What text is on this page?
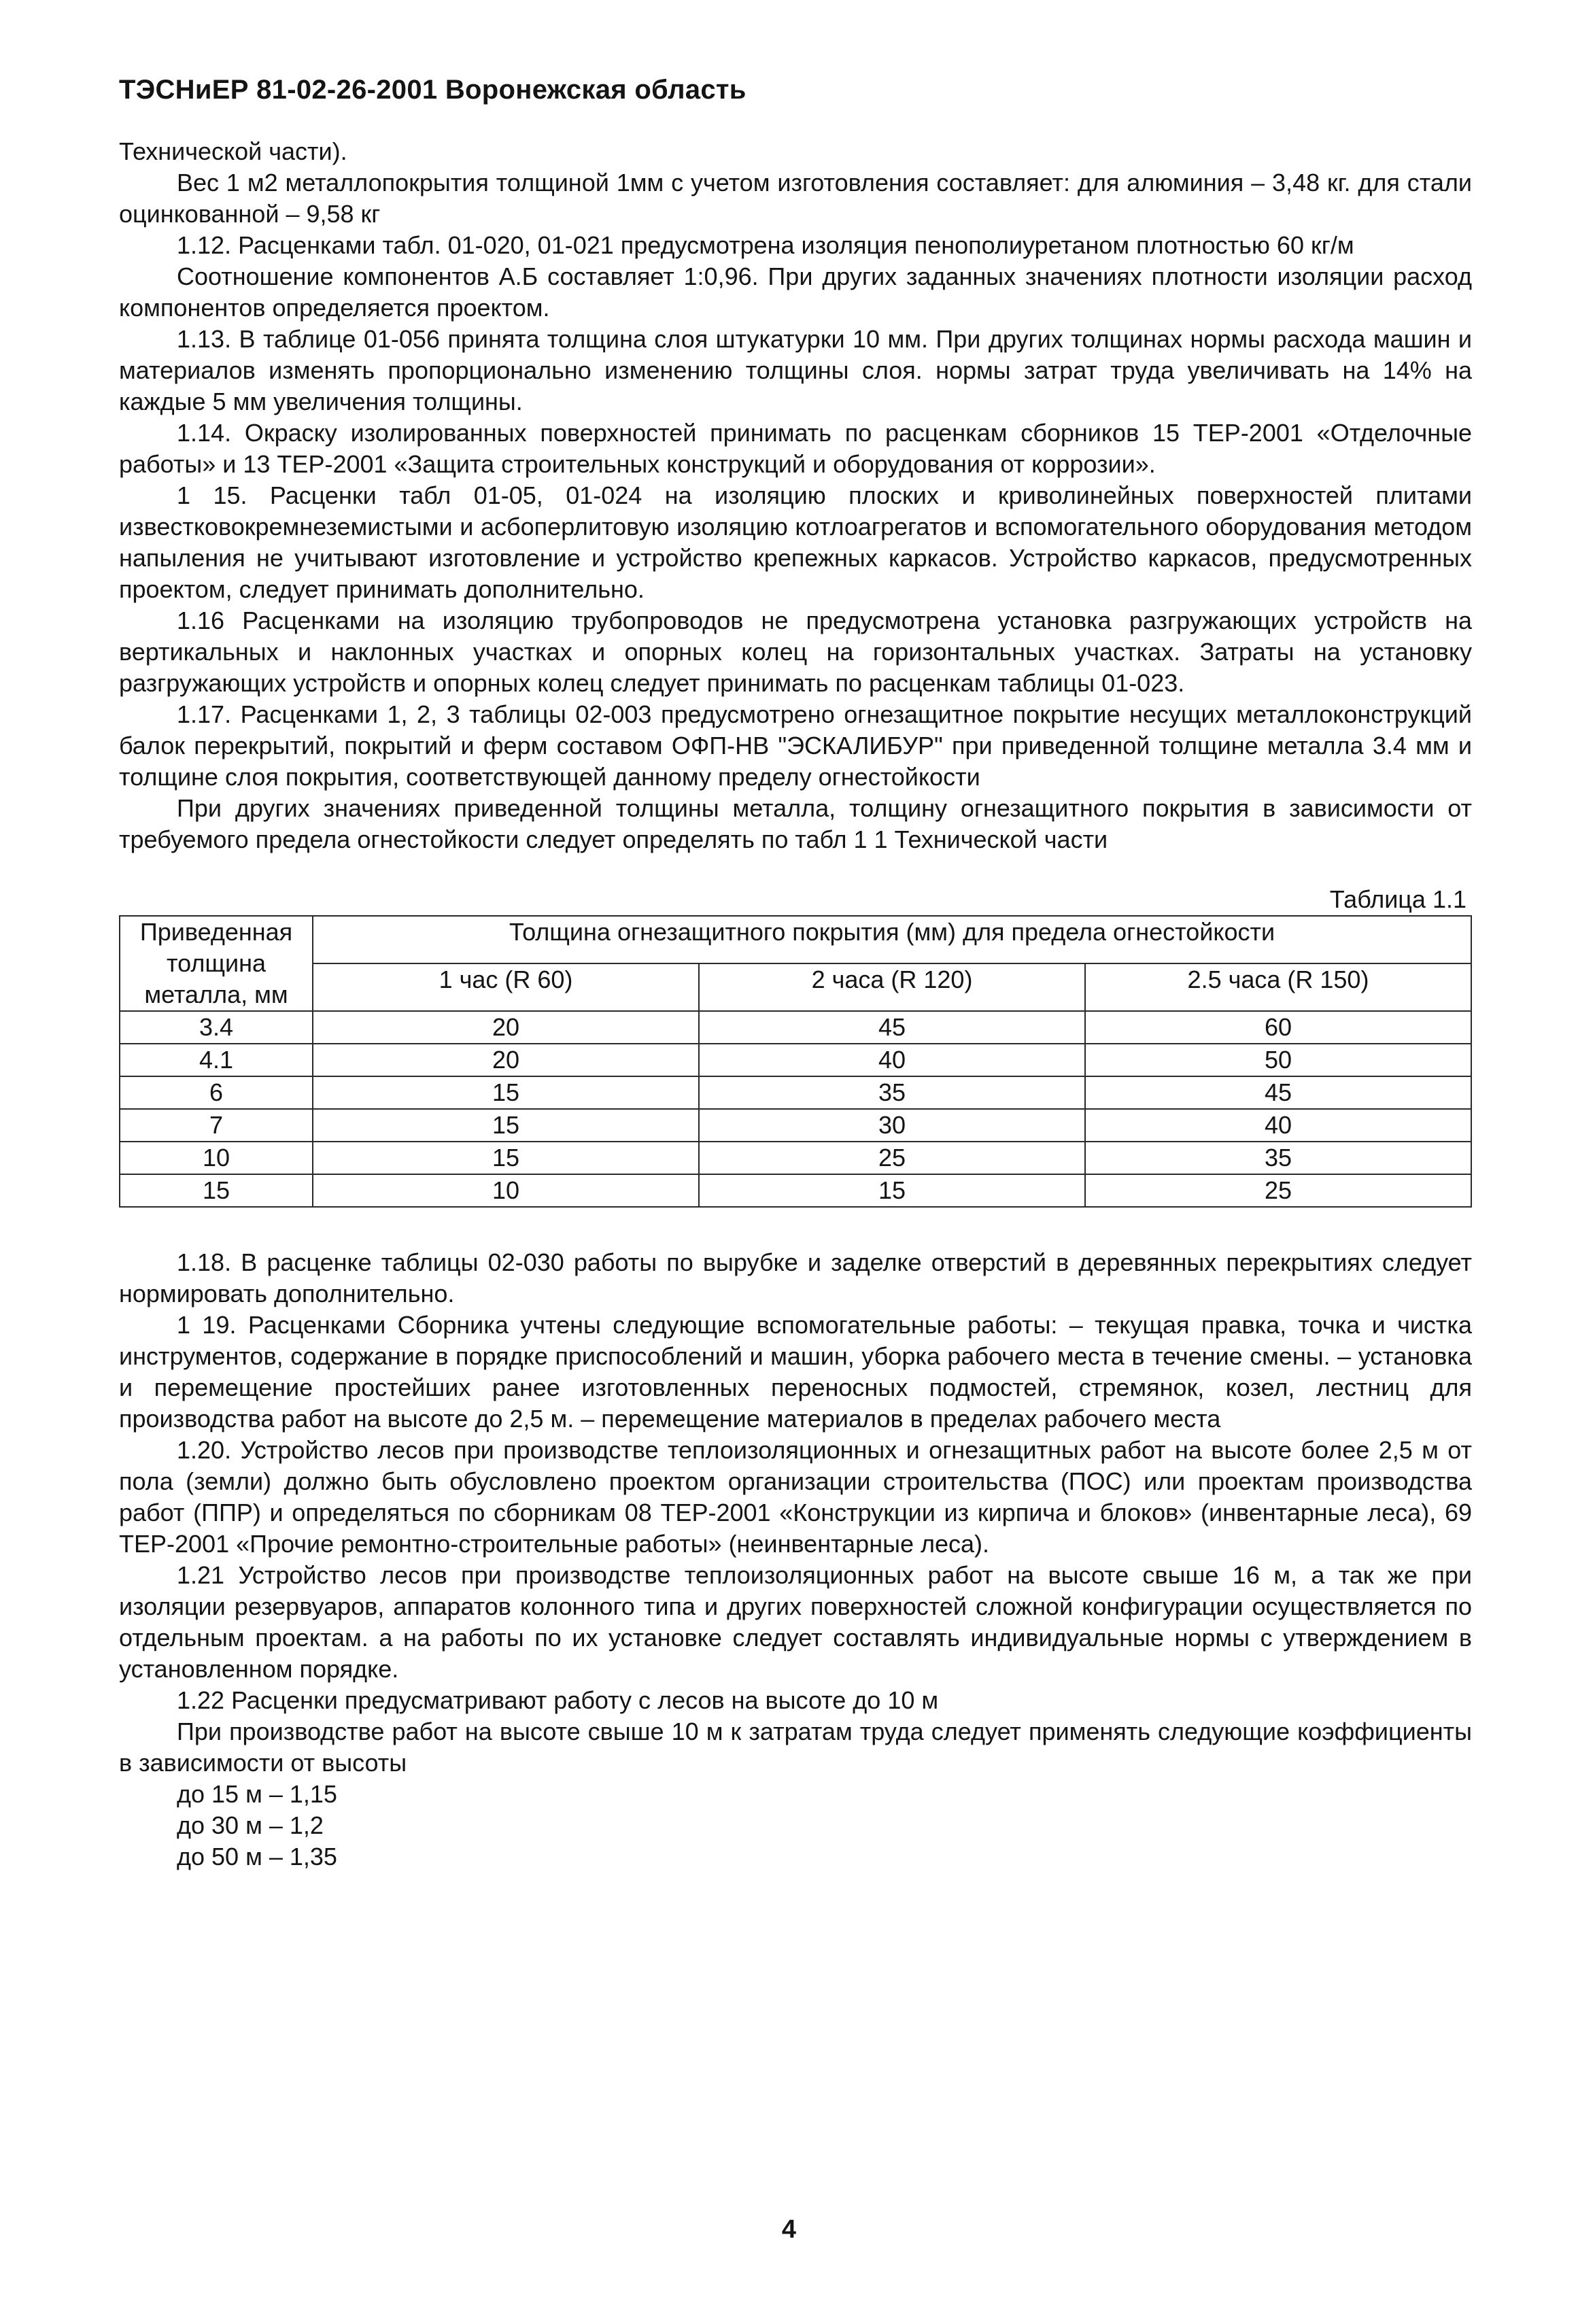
ТЭСНиЕР 81-02-26-2001 Воронежская область

Технической части).

Вес 1 м2 металлопокрытия толщиной 1мм с учетом изготовления составляет: для алюминия – 3,48 кг. для стали оцинкованной – 9,58 кг

1.12. Расценками табл. 01-020, 01-021 предусмотрена изоляция пенополиуретаном плотностью 60 кг/м

Соотношение компонентов А.Б составляет 1:0,96. При других заданных значениях плотности изоляции расход компонентов определяется проектом.

1.13. В таблице 01-056 принята толщина слоя штукатурки 10 мм. При других толщинах нормы расхода машин и материалов изменять пропорционально изменению толщины слоя. нормы затрат труда увеличивать на 14% на каждые 5 мм увеличения толщины.

1.14. Окраску изолированных поверхностей принимать по расценкам сборников 15 ТЕР-2001 «Отделочные работы» и 13 ТЕР-2001 «Защита строительных конструкций и оборудования от коррозии».

1 15. Расценки табл 01-05, 01-024 на изоляцию плоских и криволинейных поверхностей плитами известковокремнеземистыми и асбоперлитовую изоляцию котлоагрегатов и вспомогательного оборудования методом напыления не учитывают изготовление и устройство крепежных каркасов. Устройство каркасов, предусмотренных проектом, следует принимать дополнительно.

1.16 Расценками на изоляцию трубопроводов не предусмотрена установка разгружающих устройств на вертикальных и наклонных участках и опорных колец на горизонтальных участках. Затраты на установку разгружающих устройств и опорных колец следует принимать по расценкам таблицы 01-023.

1.17. Расценками 1, 2, 3 таблицы 02-003 предусмотрено огнезащитное покрытие несущих металлоконструкций балок перекрытий, покрытий и ферм составом ОФП-НВ "ЭСКАЛИБУР" при приведенной толщине металла 3.4 мм и толщине слоя покрытия, соответствующей данному пределу огнестойкости

При других значениях приведенной толщины металла, толщину огнезащитного покрытия в зависимости от требуемого предела огнестойкости следует определять по табл 1 1 Технической части

Таблица 1.1
Приведенная толщина металла, мм	Толщина огнезащитного покрытия (мм) для предела огнестойкости		
	1 час (R 60)	2 часа (R 120)	2.5 часа (R 150)
3.4	20	45	60
4.1	20	40	50
6	15	35	45
7	15	30	40
10	15	25	35
15	10	15	25

1.18. В расценке таблицы 02-030 работы по вырубке и заделке отверстий в деревянных перекрытиях следует нормировать дополнительно.

1 19. Расценками Сборника учтены следующие вспомогательные работы: – текущая правка, точка и чистка инструментов, содержание в порядке приспособлений и машин, уборка рабочего места в течение смены. – установка и перемещение простейших ранее изготовленных переносных подмостей, стремянок, козел, лестниц для производства работ на высоте до 2,5 м. – перемещение материалов в пределах рабочего места

1.20. Устройство лесов при производстве теплоизоляционных и огнезащитных работ на высоте более 2,5 м от пола (земли) должно быть обусловлено проектом организации строительства (ПОС) или проектам производства работ (ППР) и определяться по сборникам 08 ТЕР-2001 «Конструкции из кирпича и блоков» (инвентарные леса), 69 ТЕР-2001 «Прочие ремонтно-строительные работы» (неинвентарные леса).

1.21 Устройство лесов при производстве теплоизоляционных работ на высоте свыше 16 м, а так же при изоляции резервуаров, аппаратов колонного типа и других поверхностей сложной конфигурации осуществляется по отдельным проектам. а на работы по их установке следует составлять индивидуальные нормы с утверждением в установленном порядке.

1.22 Расценки предусматривают работу с лесов на высоте до 10 м

При производстве работ на высоте свыше 10 м к затратам труда следует применять следующие коэффициенты в зависимости от высоты

до 15 м – 1,15

до 30 м – 1,2

до 50 м – 1,35

4
